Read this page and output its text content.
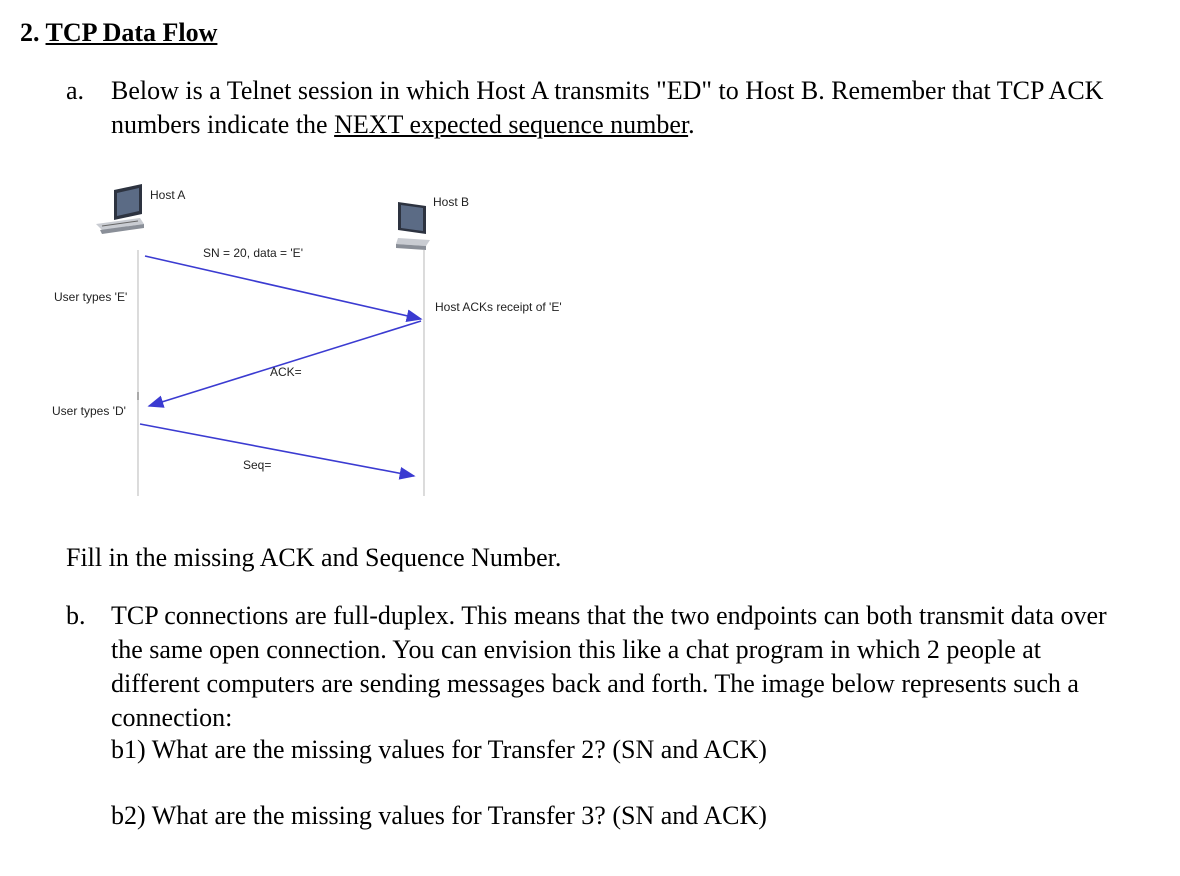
2. TCP Data Flow
a. Below is a Telnet session in which Host A transmits "ED" to Host B. Remember that TCP ACK
numbers indicate the NEXT expected sequence number.
Host A	Host B
SN = 20, data = 'E'
User types 'E'
Host ACKs receipt of 'E'
ACK=
User types 'D'
Seq=
Fill in the missing ACK and Sequence Number.
b. TCP connections are full-duplex. This means that the two endpoints can both transmit data over
the same open connection. You can envision this like a chat program in which 2 people at
different computers are sending messages back and forth. The image below represents such a
connection:
b1) What are the missing values for Transfer 2? (SN and ACK)
b2) What are the missing values for Transfer 3? (SN and ACK)
